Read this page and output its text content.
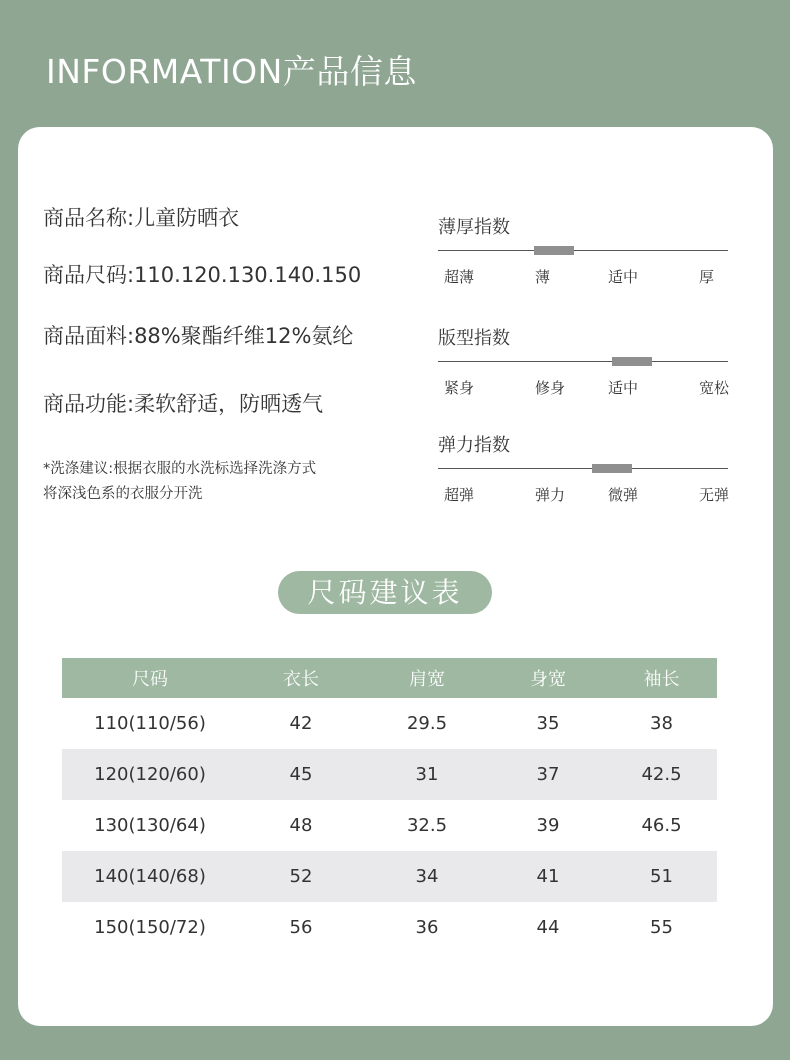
INFORMATION产品信息
商品名称:儿童防晒衣
商品尺码:110.120.130.140.150
商品面料:88%聚酯纤维12%氨纶
商品功能:柔软舒适，防晒透气
*洗涤建议:根据衣服的水洗标选择洗涤方式
将深浅色系的衣服分开洗
薄厚指数
超薄	薄	适中	厚
版型指数
紧身	修身	适中	宽松
弹力指数
超弹	弹力	微弹	无弹
尺码建议表
尺码	衣长	肩宽	身宽	袖长
110(110/56)	42	29.5	35	38
120(120/60)	45	31	37	42.5
130(130/64)	48	32.5	39	46.5
140(140/68)	52	34	41	51
150(150/72)	56	36	44	55
